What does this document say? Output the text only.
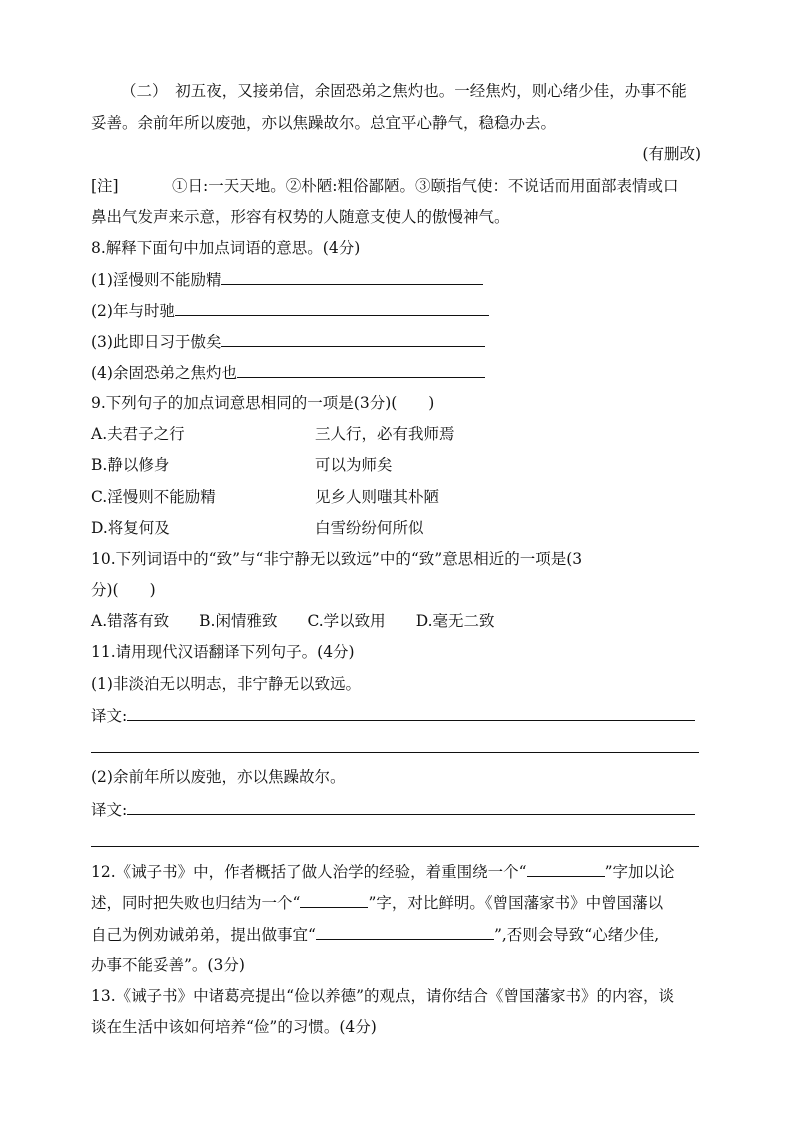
（二）　初五夜，又接弟信，余固恐弟之焦灼也。一经焦灼，则心绪少佳，办事不能
妥善。余前年所以废弛，亦以焦躁故尔。总宜平心静气，稳稳办去。
(有删改)
[注]	①日:一天天地。②朴陋:粗俗鄙陋。③颐指气使：不说话而用面部表情或口
鼻出气发声来示意，形容有权势的人随意支使人的傲慢神气。
8.解释下面句中加点词语的意思。(4分)
(1)淫慢则不能励精
(2)年与时驰
(3)此即日习于傲矣
(4)余固恐弟之焦灼也
9.下列句子的加点词意思相同的一项是(3分)(　　)
A.夫君子之行	三人行，必有我师焉
B.静以修身	可以为师矣
C.淫慢则不能励精	见乡人则嗤其朴陋
D.将复何及	白雪纷纷何所似
10.下列词语中的“致”与“非宁静无以致远”中的“致”意思相近的一项是(3
分)(　　)
A.错落有致 B.闲情雅致 C.学以致用 D.毫无二致
11.请用现代汉语翻译下列句子。(4分)
(1)非淡泊无以明志，非宁静无以致远。
译文:
(2)余前年所以废弛，亦以焦躁故尔。
译文:
12.《诫子书》中，作者概括了做人治学的经验，着重围绕一个“	”字加以论
述，同时把失败也归结为一个“	”字，对比鲜明。《曾国藩家书》中曾国藩以
自己为例劝诫弟弟，提出做事宜“	”,否则会导致“心绪少佳,
办事不能妥善”。(3分)
13.《诫子书》中诸葛亮提出“俭以养德”的观点，请你结合《曾国藩家书》的内容，谈
谈在生活中该如何培养“俭”的习惯。(4分)
